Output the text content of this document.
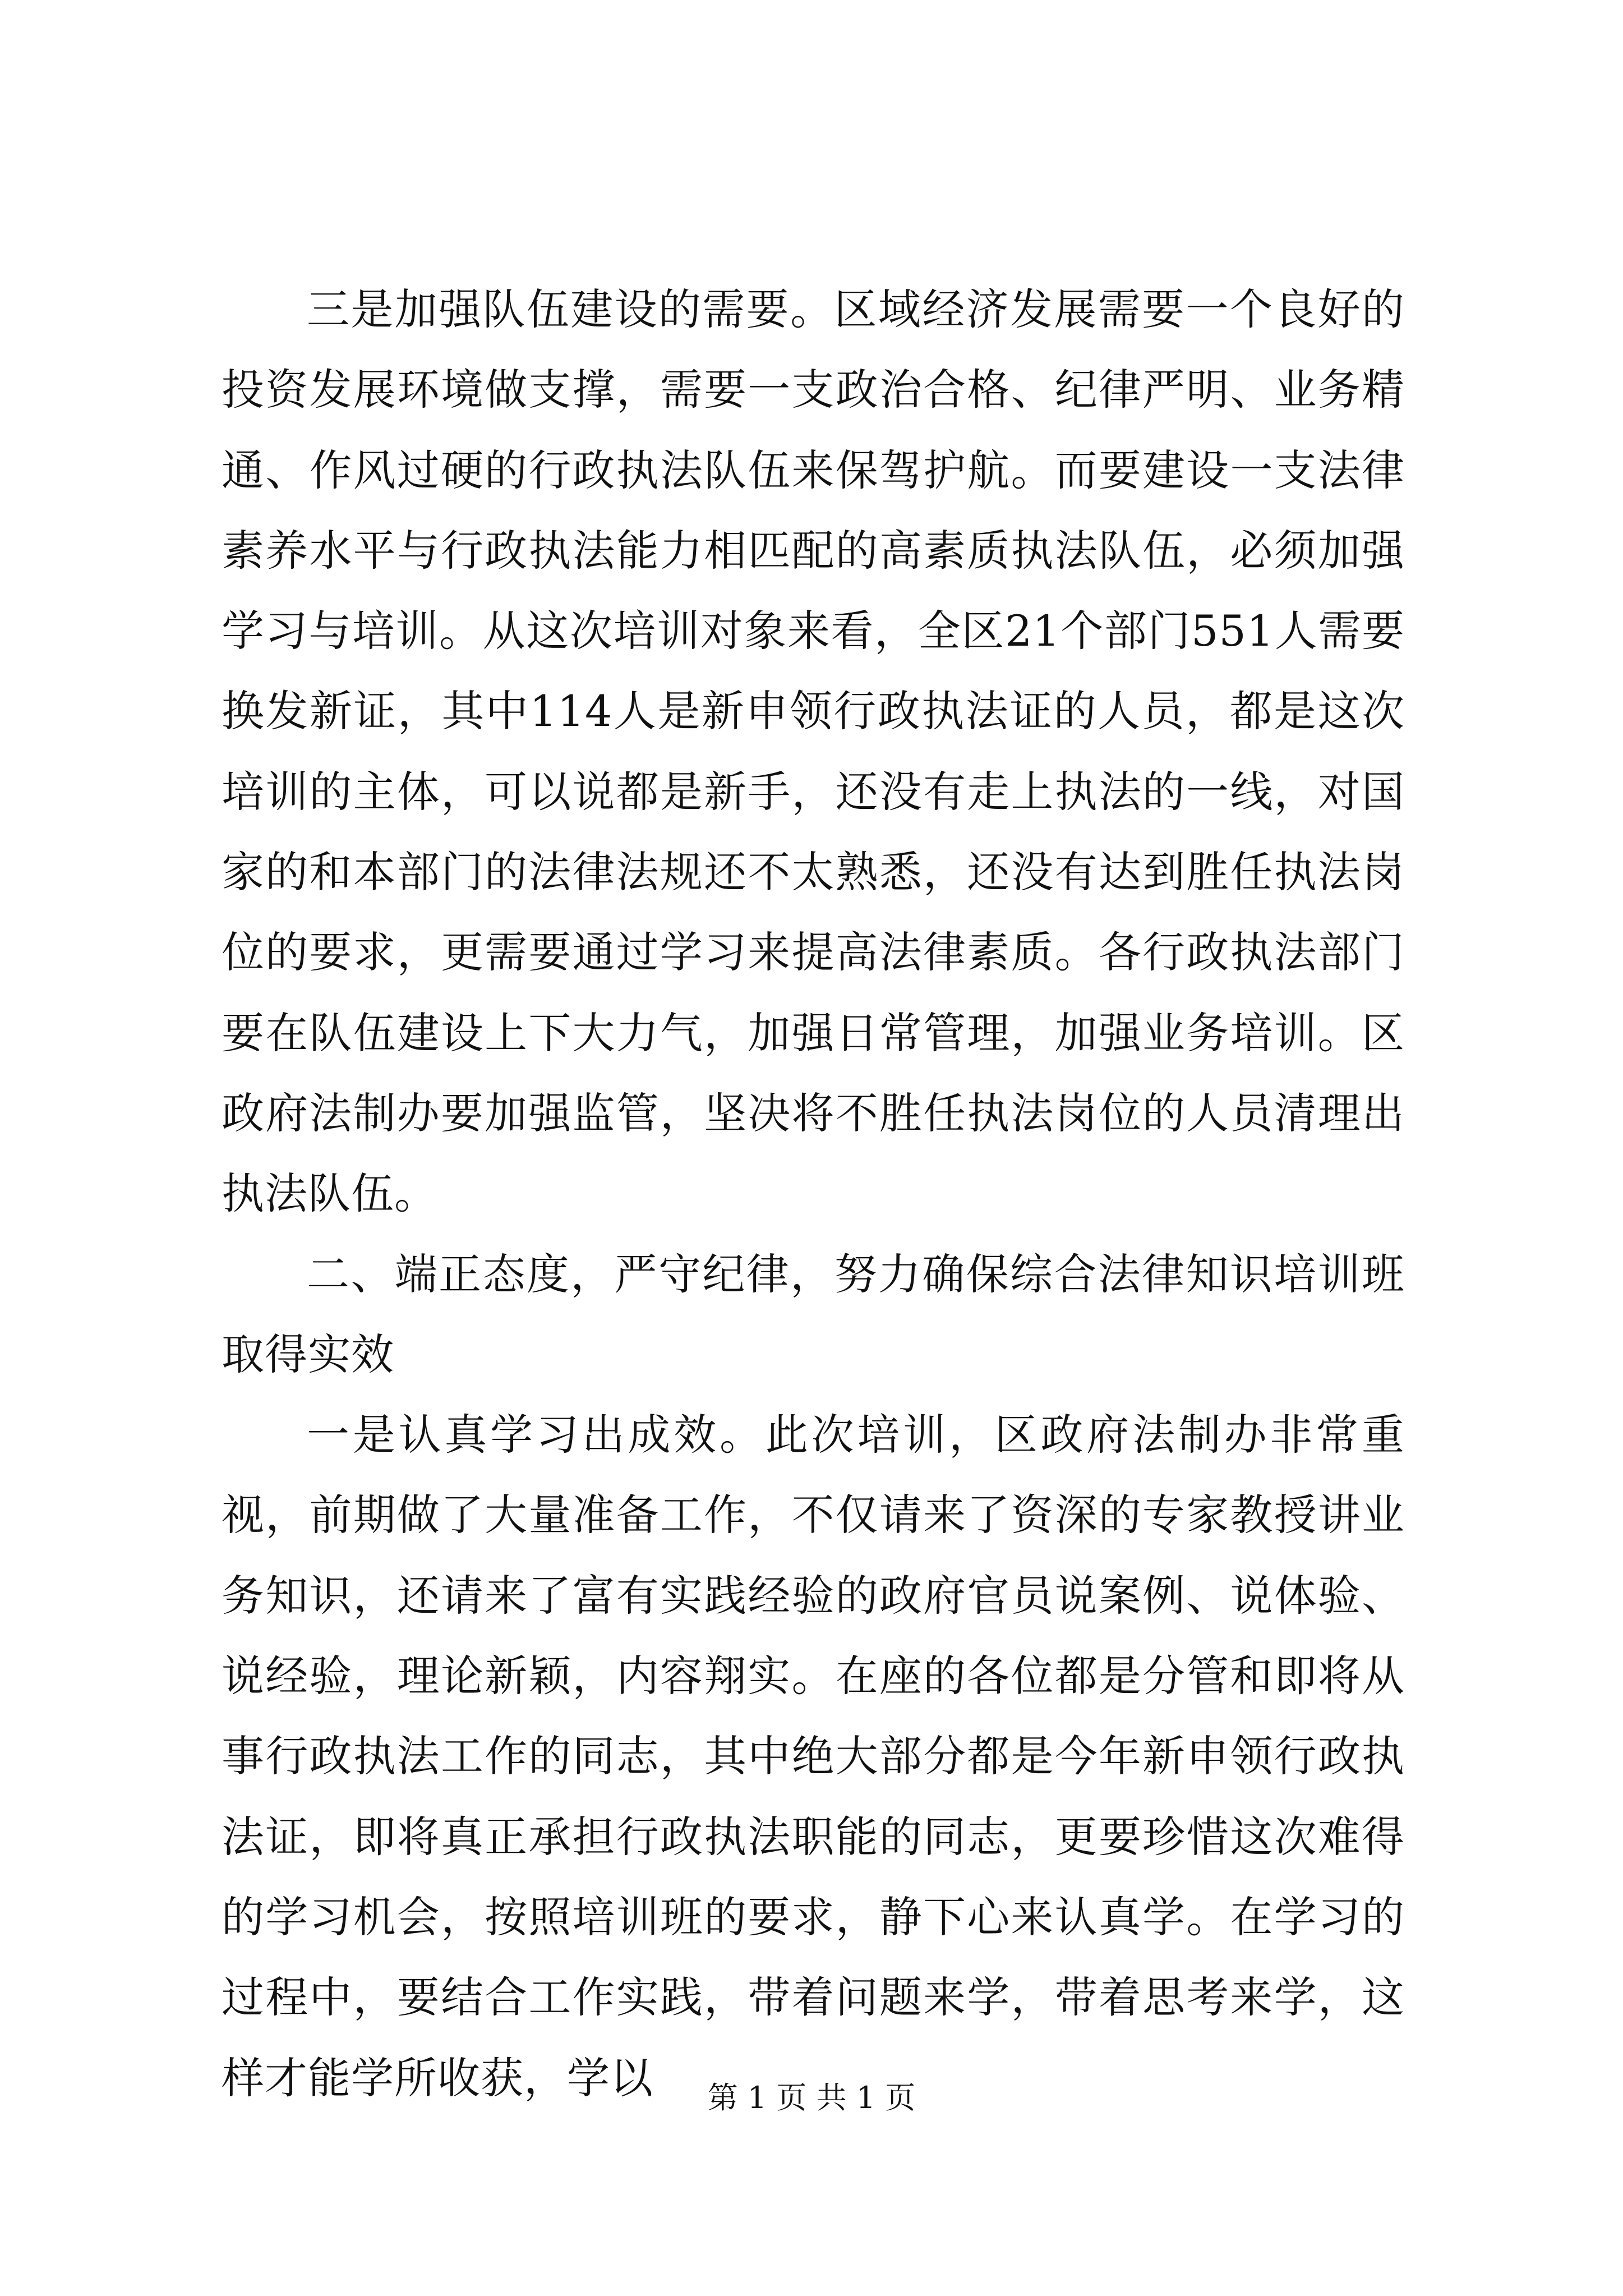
三是加强队伍建设的需要。区域经济发展需要一个良好的投资发展环境做支撑，需要一支政治合格、纪律严明、业务精通、作风过硬的行政执法队伍来保驾护航。而要建设一支法律素养水平与行政执法能力相匹配的高素质执法队伍，必须加强学习与培训。从这次培训对象来看，全区21个部门551人需要换发新证，其中114人是新申领行政执法证的人员，都是这次培训的主体，可以说都是新手，还没有走上执法的一线，对国家的和本部门的法律法规还不太熟悉，还没有达到胜任执法岗位的要求，更需要通过学习来提高法律素质。各行政执法部门要在队伍建设上下大力气，加强日常管理，加强业务培训。区政府法制办要加强监管，坚决将不胜任执法岗位的人员清理出执法队伍。

二、端正态度，严守纪律，努力确保综合法律知识培训班取得实效

一是认真学习出成效。此次培训，区政府法制办非常重视，前期做了大量准备工作，不仅请来了资深的专家教授讲业务知识，还请来了富有实践经验的政府官员说案例、说体验、说经验，理论新颖，内容翔实。在座的各位都是分管和即将从事行政执法工作的同志，其中绝大部分都是今年新申领行政执法证，即将真正承担行政执法职能的同志，更要珍惜这次难得的学习机会，按照培训班的要求，静下心来认真学。在学习的过程中，要结合工作实践，带着问题来学，带着思考来学，这样才能学所收获，学以	第 1 页 共 1 页
